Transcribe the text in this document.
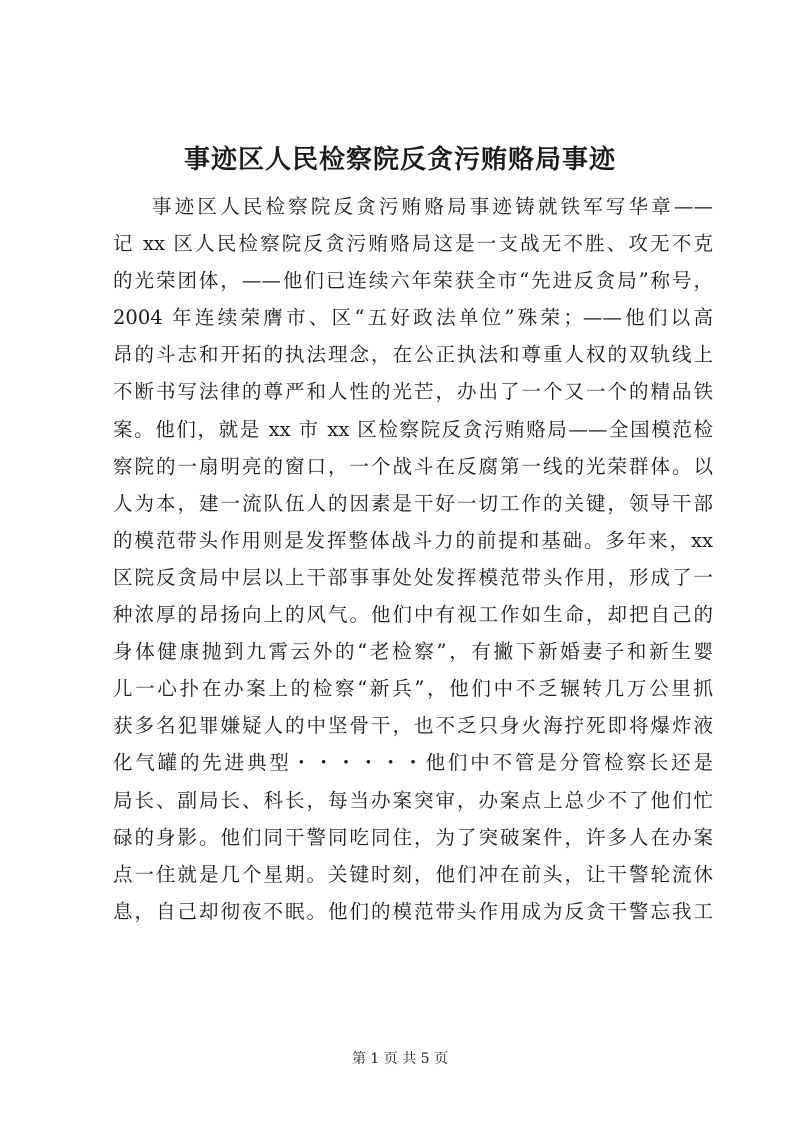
事迹区人民检察院反贪污贿赂局事迹
事迹区人民检察院反贪污贿赂局事迹铸就铁军写华章——
记 xx 区人民检察院反贪污贿赂局这是一支战无不胜、攻无不克
的光荣团体，——他们已连续六年荣获全市“先进反贪局”称号，
2004 年连续荣膺市、区“五好政法单位”殊荣；——他们以高
昂的斗志和开拓的执法理念，在公正执法和尊重人权的双轨线上
不断书写法律的尊严和人性的光芒，办出了一个又一个的精品铁
案。他们，就是 xx 市 xx 区检察院反贪污贿赂局——全国模范检
察院的一扇明亮的窗口，一个战斗在反腐第一线的光荣群体。以
人为本，建一流队伍人的因素是干好一切工作的关键，领导干部
的模范带头作用则是发挥整体战斗力的前提和基础。多年来，xx
区院反贪局中层以上干部事事处处发挥模范带头作用，形成了一
种浓厚的昂扬向上的风气。他们中有视工作如生命，却把自己的
身体健康抛到九霄云外的“老检察”，有撇下新婚妻子和新生婴
儿一心扑在办案上的检察“新兵”，他们中不乏辗转几万公里抓
获多名犯罪嫌疑人的中坚骨干，也不乏只身火海拧死即将爆炸液
化气罐的先进典型・・・・・・他们中不管是分管检察长还是
局长、副局长、科长，每当办案突审，办案点上总少不了他们忙
碌的身影。他们同干警同吃同住，为了突破案件，许多人在办案
点一住就是几个星期。关键时刻，他们冲在前头，让干警轮流休
息，自己却彻夜不眠。他们的模范带头作用成为反贪干警忘我工
第 1 页 共 5 页
